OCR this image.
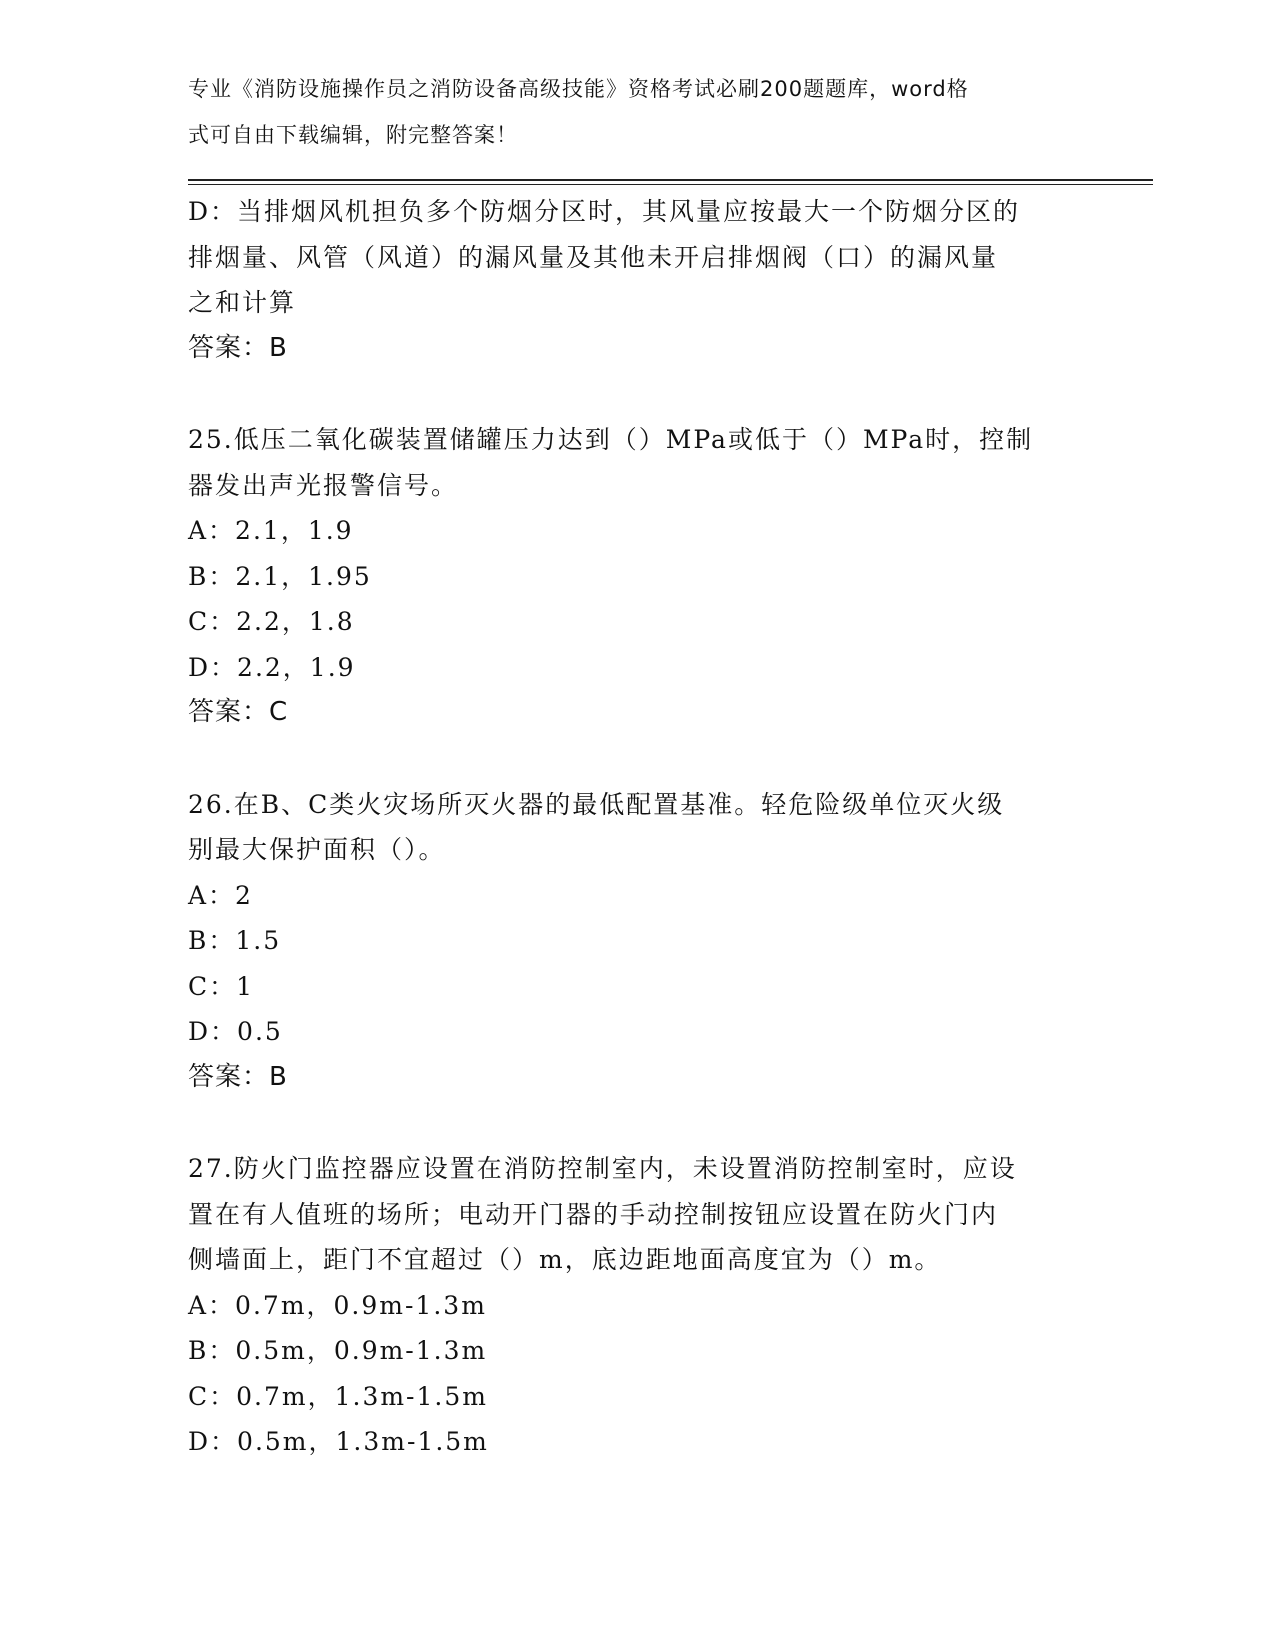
专业《消防设施操作员之消防设备高级技能》资格考试必刷200题题库，word格
式可自由下载编辑，附完整答案！
D：当排烟风机担负多个防烟分区时，其风量应按最大一个防烟分区的
排烟量、风管（风道）的漏风量及其他未开启排烟阀（口）的漏风量
之和计算
答案：B
25.低压二氧化碳装置储罐压力达到（）MPa或低于（）MPa时，控制
器发出声光报警信号。
A：2.1，1.9
B：2.1，1.95
C：2.2，1.8
D：2.2，1.9
答案：C
26.在B、C类火灾场所灭火器的最低配置基准。轻危险级单位灭火级
别最大保护面积（）。
A：2
B：1.5
C：1
D：0.5
答案：B
27.防火门监控器应设置在消防控制室内，未设置消防控制室时，应设
置在有人值班的场所；电动开门器的手动控制按钮应设置在防火门内
侧墙面上，距门不宜超过（）m，底边距地面高度宜为（）m。
A：0.7m，0.9m-1.3m
B：0.5m，0.9m-1.3m
C：0.7m，1.3m-1.5m
D：0.5m，1.3m-1.5m
